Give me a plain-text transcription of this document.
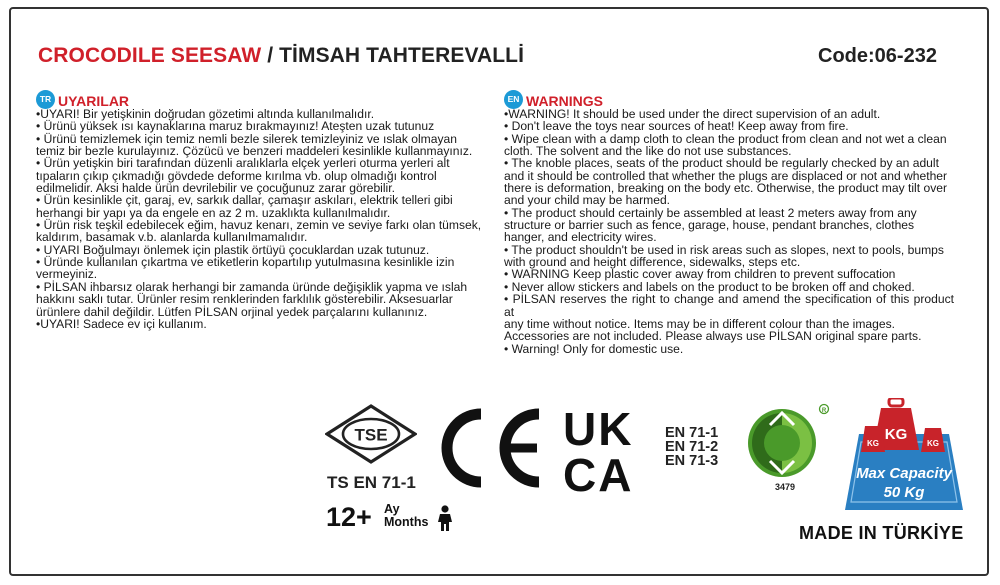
CROCODILE SEESAW / TİMSAH TAHTEREVALLİ	Code:06-232
TR UYARILAR
•UYARI! Bir yetişkinin doğrudan gözetimi altında kullanılmalıdır.
• Ürünü yüksek ısı kaynaklarına maruz bırakmayınız! Ateşten uzak tutunuz
• Ürünü temizlemek için temiz nemli bezle silerek temizleyiniz ve ıslak olmayan
temiz bir bezle kurulayınız. Çözücü ve benzeri maddeleri kesinlikle kullanmayınız.
• Ürün yetişkin biri tarafından düzenli aralıklarla elçek yerleri oturma yerleri alt
tıpaların çıkıp çıkmadığı gövdede deforme kırılma vb. olup olmadığı kontrol
edilmelidir. Aksi halde ürün devrilebilir ve çocuğunuz zarar görebilir.
• Ürün kesinlikle çit, garaj, ev, sarkık dallar, çamaşır askıları, elektrik telleri gibi
herhangi bir yapı ya da engele en az 2 m. uzaklıkta kullanılmalıdır.
• Ürün risk teşkil edebilecek eğim, havuz kenarı, zemin ve seviye farkı olan tümsek,
kaldırım, basamak v.b. alanlarda kullanılmamalıdır.
• UYARI Boğulmayı önlemek için plastik örtüyü çocuklardan uzak tutunuz.
• Üründe kullanılan çıkartma ve etiketlerin kopartılıp yutulmasına kesinlikle izin
vermeyiniz.
• PİLSAN ihbarsız olarak herhangi bir zamanda üründe değişiklik yapma ve ıslah
hakkını saklı tutar. Ürünler resim renklerinden farklılık gösterebilir. Aksesuarlar
ürünlere dahil değildir. Lütfen PİLSAN orjinal yedek parçalarını kullanınız.
•UYARI! Sadece ev içi kullanım.
EN WARNINGS
•WARNING! It should be used under the direct supervision of an adult.
• Don't leave the toys near sources of heat! Keep away from fire.
• Wipe clean with a damp cloth to clean the product from clean and not wet a clean
cloth. The solvent and the like do not use substances.
• The knoble places, seats of the product should be regularly checked by an adult
and it should be controlled that whether the plugs are displaced or not and whether
there is deformation, breaking on the body etc. Otherwise, the product may tilt over
and your child may be harmed.
• The product should certainly be assembled at least 2 meters away from any
structure or barrier such as fence, garage, house, pendant branches, clothes
hanger, and electricity wires.
• The product shouldn't be used in risk areas such as slopes, next to pools, bumps
with ground and height difference, sidewalks, steps etc.
• WARNING Keep plastic cover away from children to prevent suffocation
• Never allow stickers and labels on the product to be broken off and choked.
• PİLSAN reserves the right to change and amend the specification of this product at
any time without notice. Items may be in different colour than the images.
Accessories are not included. Please always use PİLSAN original spare parts.
• Warning! Only for domestic use.
TSE
TS EN 71-1
12+ Ay
Months
UK
CA
EN 71-1
EN 71-2
EN 71-3
R
3479
KG
KG	KG
Max Capacity
50 Kg
MADE IN TÜRKİYE
